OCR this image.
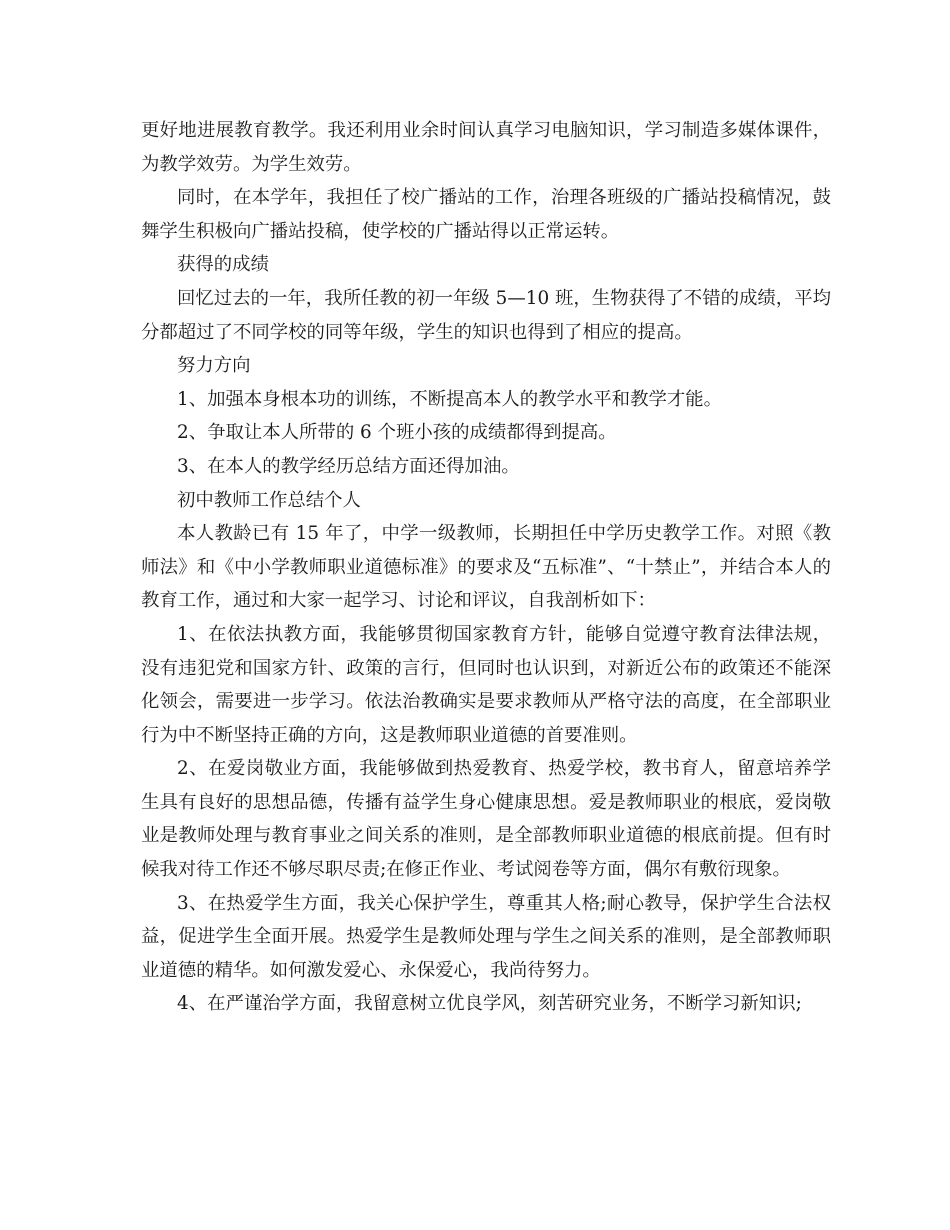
更好地进展教育教学。我还利用业余时间认真学习电脑知识，学习制造多媒体课件，为教学效劳。为学生效劳。

同时，在本学年，我担任了校广播站的工作，治理各班级的广播站投稿情况，鼓舞学生积极向广播站投稿，使学校的广播站得以正常运转。

获得的成绩

回忆过去的一年，我所任教的初一年级 5—10 班，生物获得了不错的成绩，平均分都超过了不同学校的同等年级，学生的知识也得到了相应的提高。

努力方向

1、加强本身根本功的训练，不断提高本人的教学水平和教学才能。

2、争取让本人所带的 6 个班小孩的成绩都得到提高。

3、在本人的教学经历总结方面还得加油。

初中教师工作总结个人

本人教龄已有 15 年了，中学一级教师，长期担任中学历史教学工作。对照《教师法》和《中小学教师职业道德标准》的要求及“五标准”、“十禁止”，并结合本人的教育工作，通过和大家一起学习、讨论和评议，自我剖析如下：

1、在依法执教方面，我能够贯彻国家教育方针，能够自觉遵守教育法律法规，没有违犯党和国家方针、政策的言行，但同时也认识到，对新近公布的政策还不能深化领会，需要进一步学习。依法治教确实是要求教师从严格守法的高度，在全部职业行为中不断坚持正确的方向，这是教师职业道德的首要准则。

2、在爱岗敬业方面，我能够做到热爱教育、热爱学校，教书育人，留意培养学生具有良好的思想品德，传播有益学生身心健康思想。爱是教师职业的根底，爱岗敬业是教师处理与教育事业之间关系的准则，是全部教师职业道德的根底前提。但有时候我对待工作还不够尽职尽责;在修正作业、考试阅卷等方面，偶尔有敷衍现象。

3、在热爱学生方面，我关心保护学生，尊重其人格;耐心教导，保护学生合法权益，促进学生全面开展。热爱学生是教师处理与学生之间关系的准则，是全部教师职业道德的精华。如何激发爱心、永保爱心，我尚待努力。

4、在严谨治学方面，我留意树立优良学风，刻苦研究业务，不断学习新知识;
